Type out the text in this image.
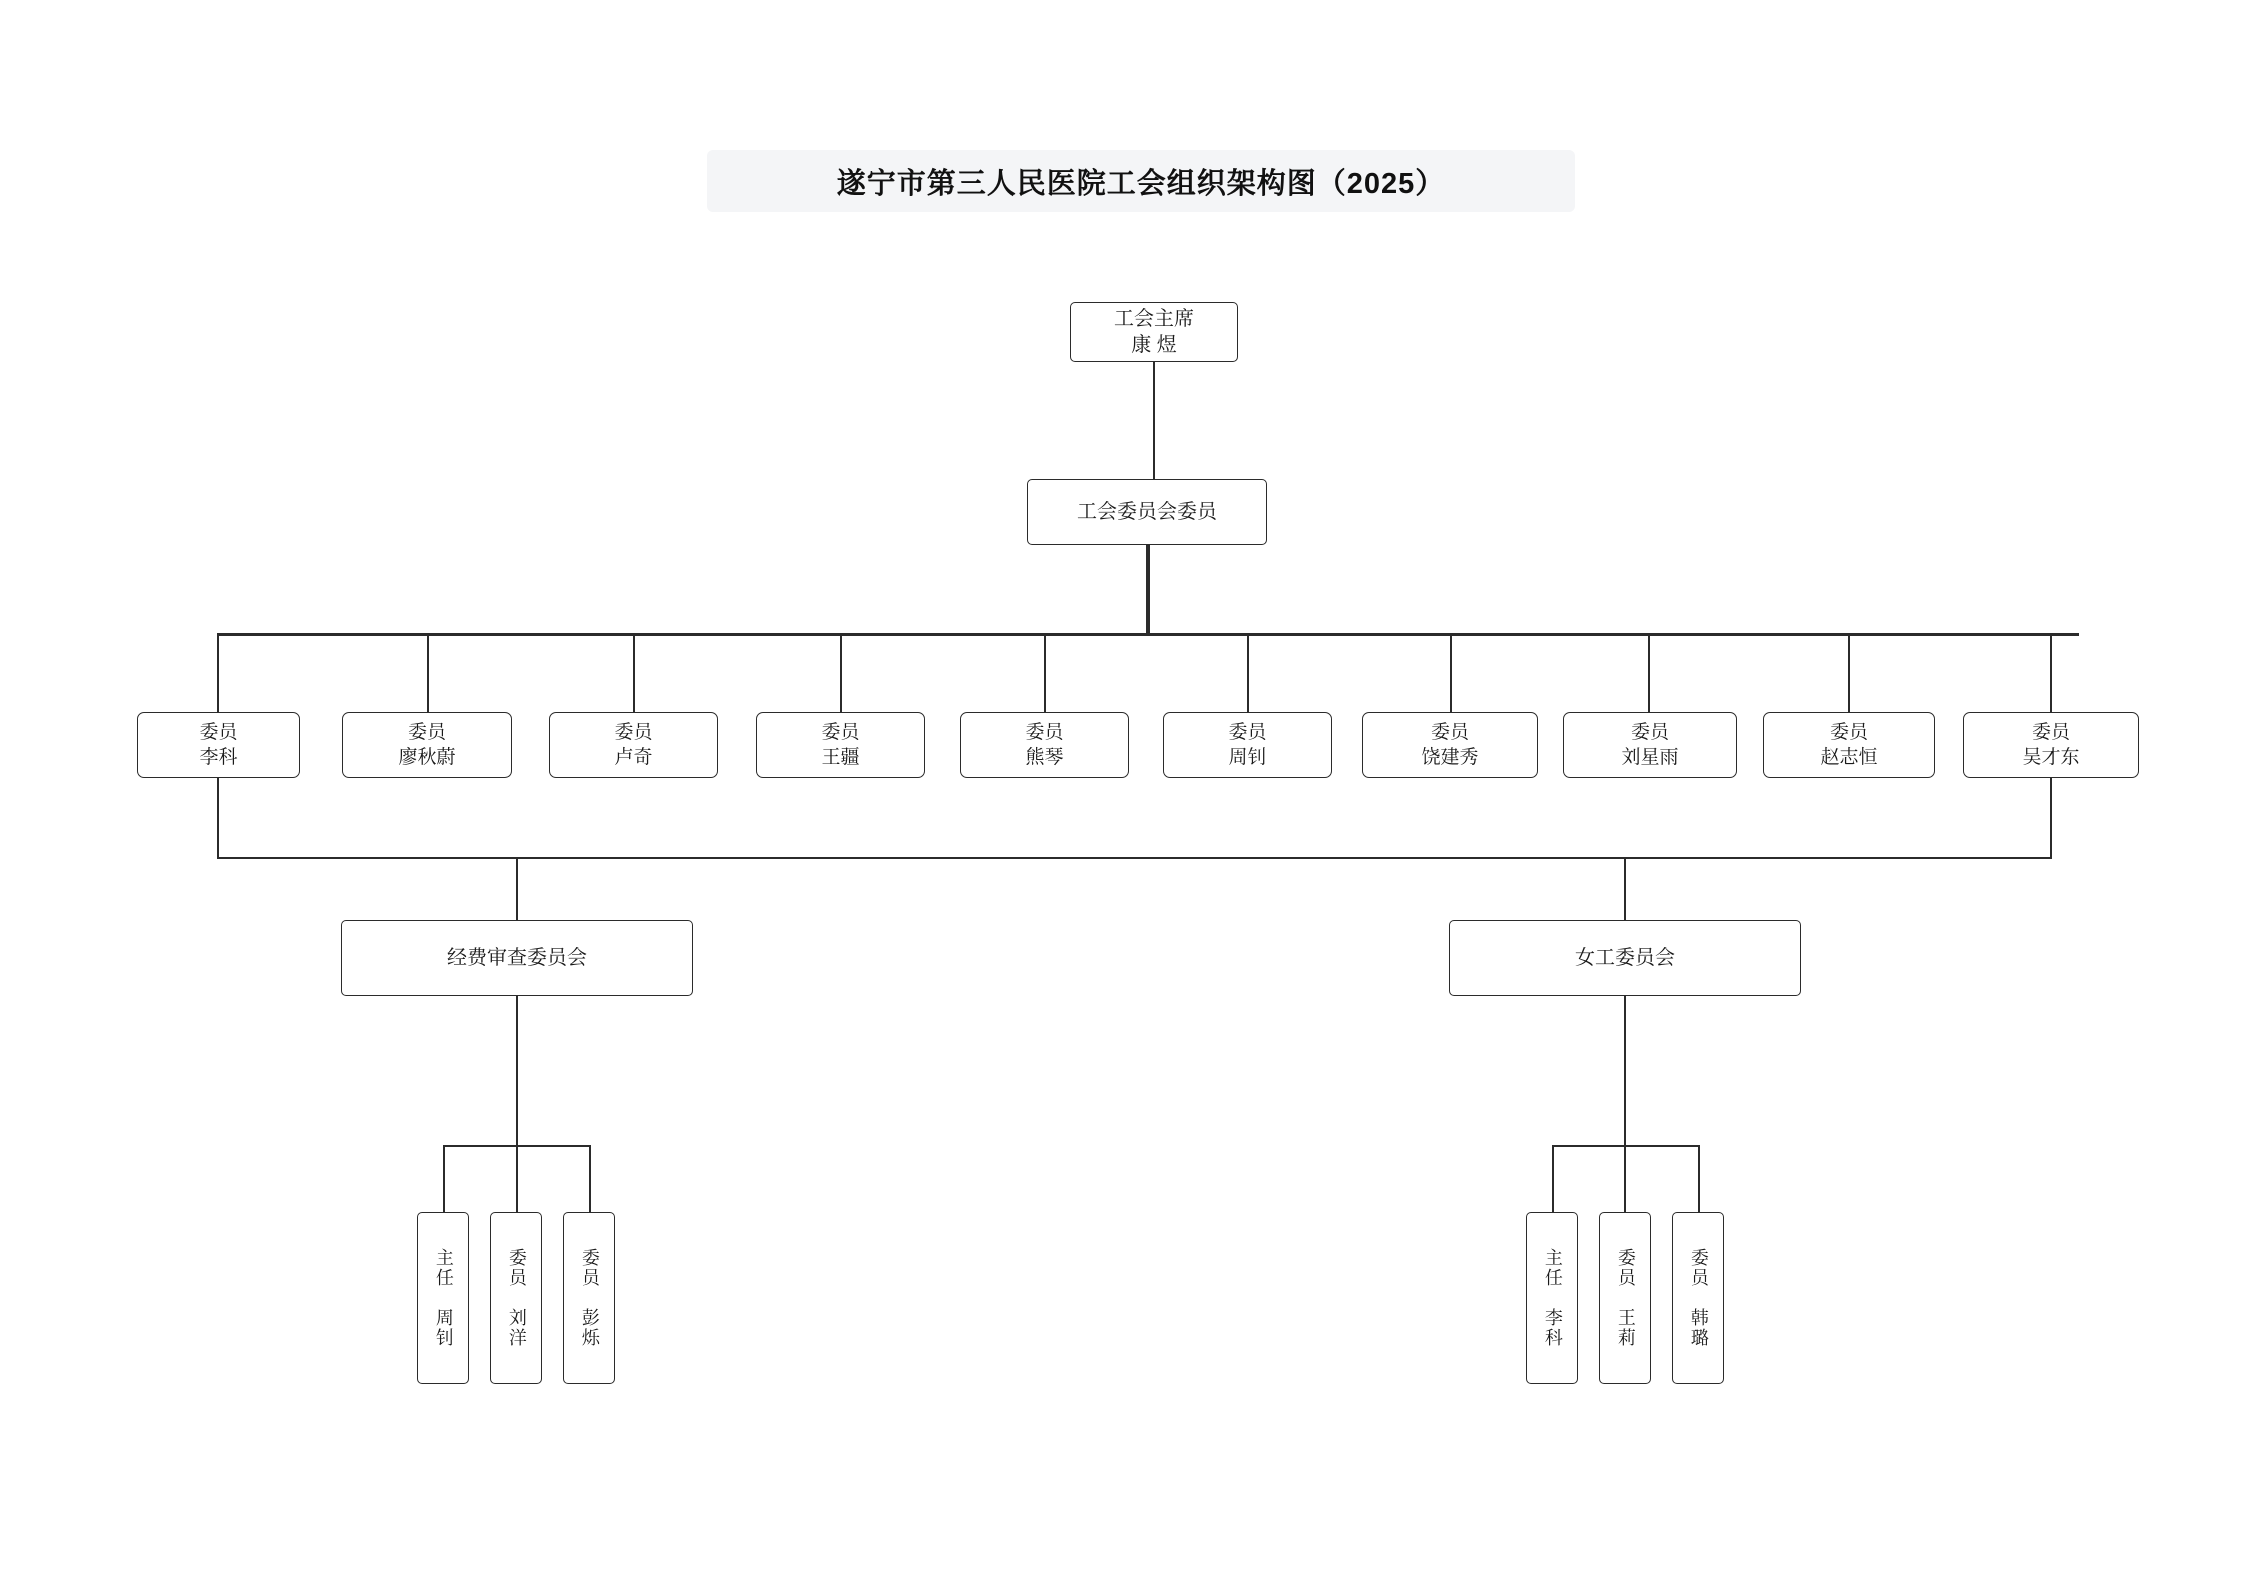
遂宁市第三人民医院工会组织架构图（2025）
工会主席
康 煜
工会委员会委员
委员
李科
委员
廖秋蔚
委员
卢奇
委员
王疆
委员
熊琴
委员
周钊
委员
饶建秀
委员
刘星雨
委员
赵志恒
委员
吴才东
经费审查委员会	女工委员会
主任　周钊	委员　刘洋	委员　彭烁	主任　李科	委员　王莉	委员　韩璐
